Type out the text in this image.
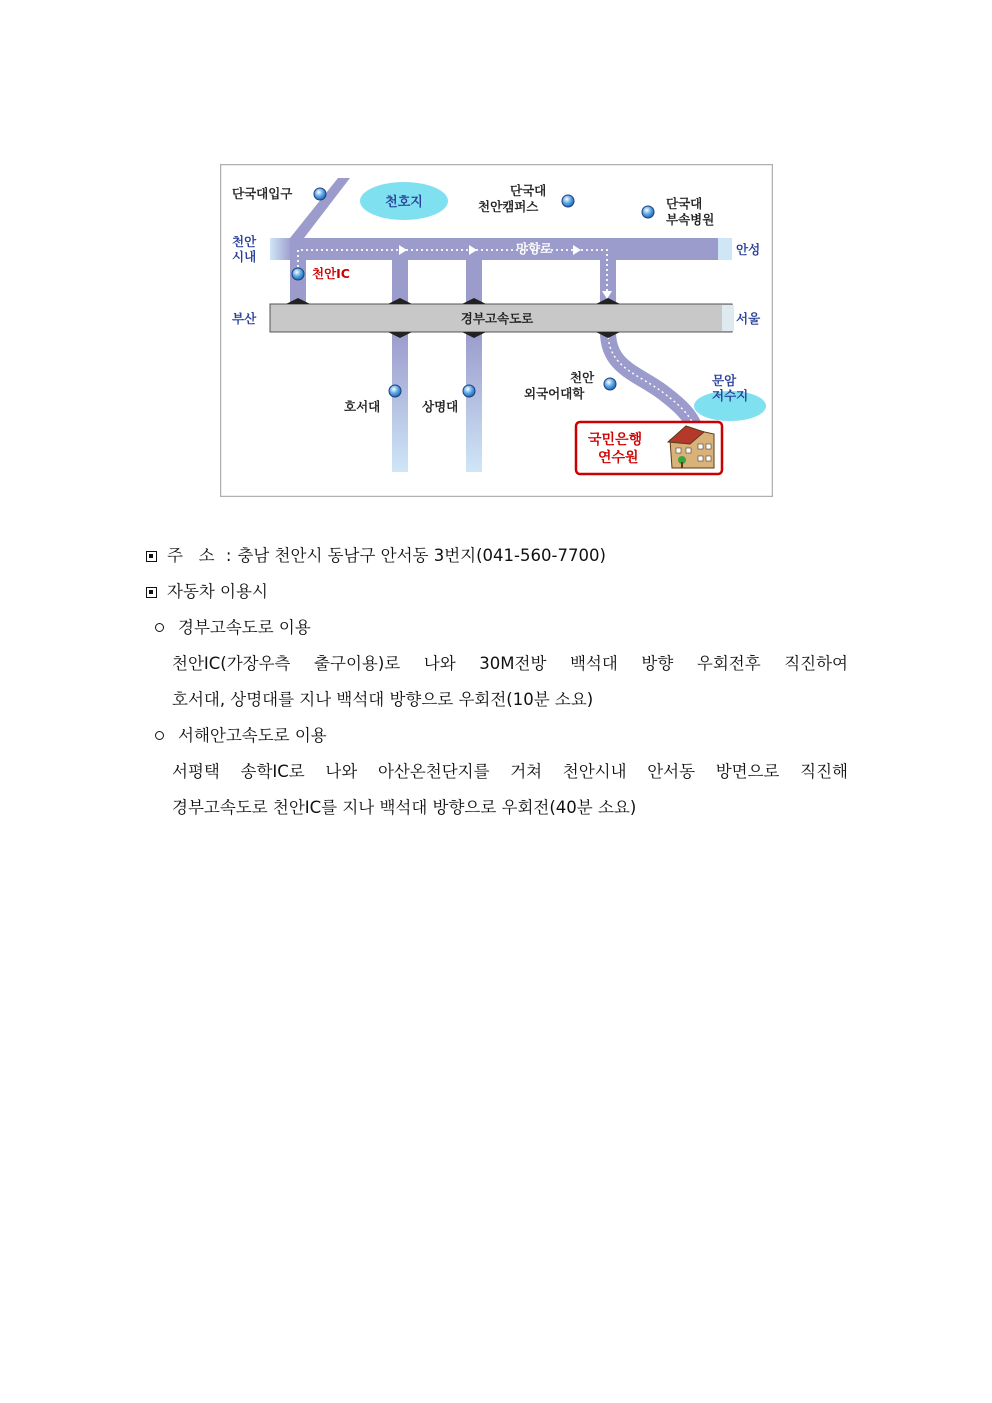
천호지
단국대입구	단국대 천안캠퍼스	단국대 부속병원
천안 시내	안성
망향로
천안IC
부산	서울
경부고속도로
호서대	상명대
천안 외국어대학
문암 저수지
국민은행 연수원
주   소 : 충남 천안시 동남구 안서동 3번지(041-560-7700)
자동차 이용시
경부고속도로 이용
천안IC(가장우측 출구이용)로 나와 30M전방 백석대 방향 우회전후 직진하여
호서대, 상명대를 지나 백석대 방향으로 우회전(10분 소요)
서해안고속도로 이용
서평택 송학IC로 나와 아산온천단지를 거쳐 천안시내 안서동 방면으로 직진해
경부고속도로 천안IC를 지나 백석대 방향으로 우회전(40분 소요)
